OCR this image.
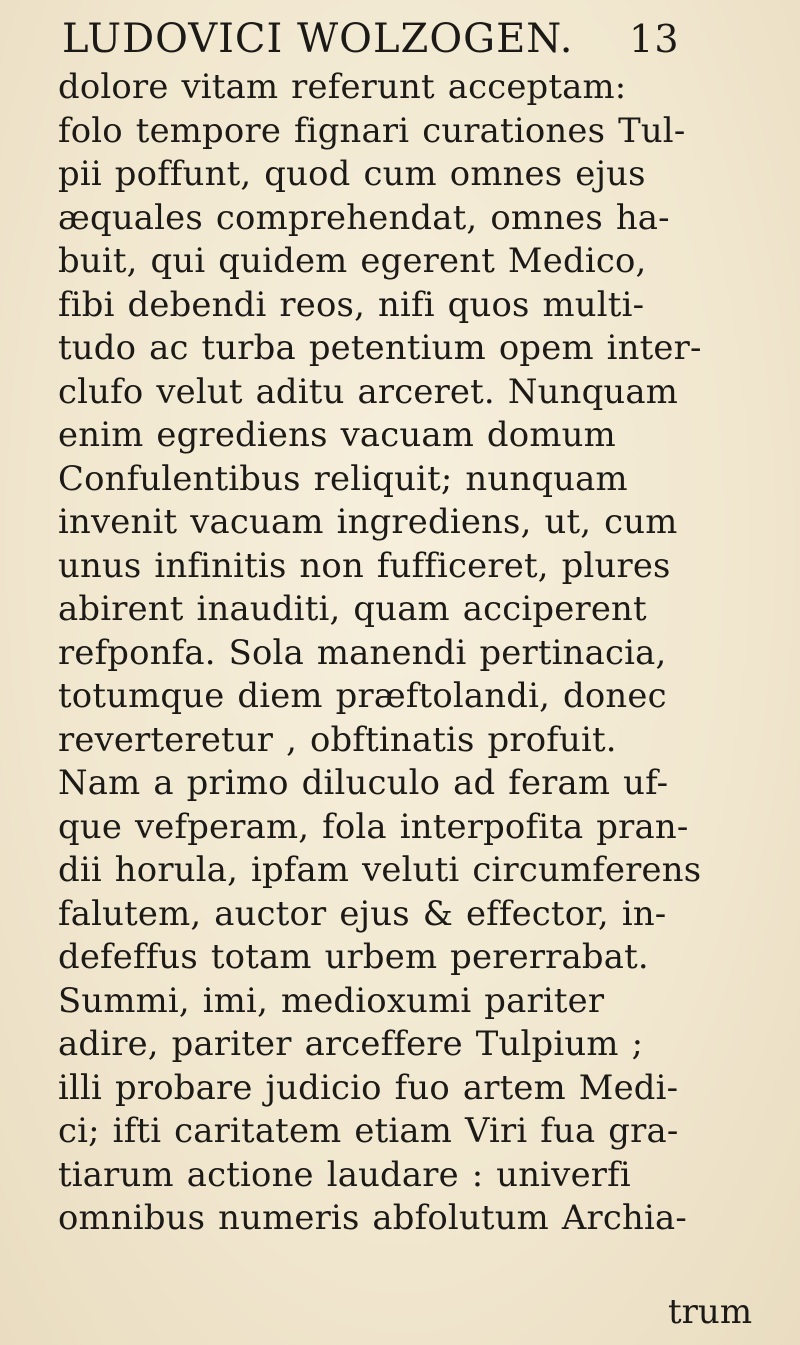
LUDOVICI WOLZOGEN. 13
dolore vitam referunt acceptam:
folo tempore fignari curationes Tul-
pii poffunt, quod cum omnes ejus
æquales comprehendat, omnes ha-
buit, qui quidem egerent Medico,
fibi debendi reos, nifi quos multi-
tudo ac turba petentium opem inter-
clufo velut aditu arceret. Nunquam
enim egrediens vacuam domum
Confulentibus reliquit; nunquam
invenit vacuam ingrediens, ut, cum
unus infinitis non fufficeret, plures
abirent inauditi, quam acciperent
refponfa. Sola manendi pertinacia,
totumque diem præftolandi, donec
reverteretur , obftinatis profuit.
Nam a primo diluculo ad feram uf-
que vefperam, fola interpofita pran-
dii horula, ipfam veluti circumferens
falutem, auctor ejus & effector, in-
defeffus totam urbem pererrabat.
Summi, imi, medioxumi pariter
adire, pariter arceffere Tulpium ;
illi probare judicio fuo artem Medi-
ci; ifti caritatem etiam Viri fua gra-
tiarum actione laudare : univerfi
omnibus numeris abfolutum Archia-
trum
